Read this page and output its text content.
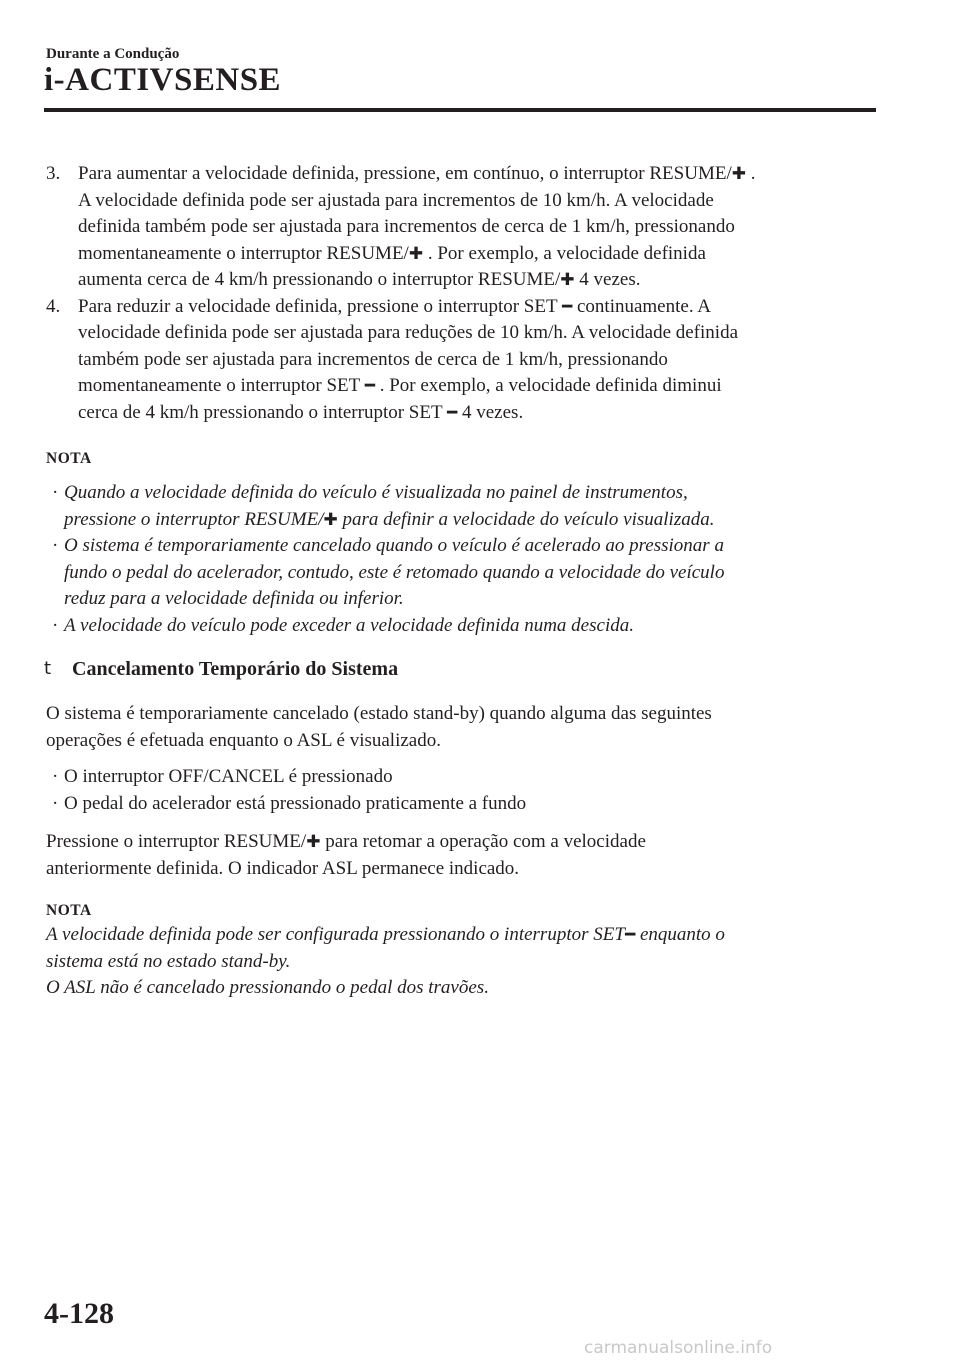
Durante a Condução
i-ACTIVSENSE
3. Para aumentar a velocidade definida, pressione, em contínuo, o interruptor RESUME/✚ .
A velocidade definida pode ser ajustada para incrementos de 10 km/h. A velocidade
definida também pode ser ajustada para incrementos de cerca de 1 km/h, pressionando
momentaneamente o interruptor RESUME/✚ . Por exemplo, a velocidade definida
aumenta cerca de 4 km/h pressionando o interruptor RESUME/✚ 4 vezes.
4. Para reduzir a velocidade definida, pressione o interruptor SET ━ continuamente. A
velocidade definida pode ser ajustada para reduções de 10 km/h. A velocidade definida
também pode ser ajustada para incrementos de cerca de 1 km/h, pressionando
momentaneamente o interruptor SET ━ . Por exemplo, a velocidade definida diminui
cerca de 4 km/h pressionando o interruptor SET ━ 4 vezes.
NOTA
· Quando a velocidade definida do veículo é visualizada no painel de instrumentos,
pressione o interruptor RESUME/✚ para definir a velocidade do veículo visualizada.
· O sistema é temporariamente cancelado quando o veículo é acelerado ao pressionar a
fundo o pedal do acelerador, contudo, este é retomado quando a velocidade do veículo
reduz para a velocidade definida ou inferior.
· A velocidade do veículo pode exceder a velocidade definida numa descida.
t Cancelamento Temporário do Sistema
O sistema é temporariamente cancelado (estado stand-by) quando alguma das seguintes
operações é efetuada enquanto o ASL é visualizado.
· O interruptor OFF/CANCEL é pressionado
· O pedal do acelerador está pressionado praticamente a fundo
Pressione o interruptor RESUME/✚ para retomar a operação com a velocidade
anteriormente definida. O indicador ASL permanece indicado.
NOTA
A velocidade definida pode ser configurada pressionando o interruptor SET━ enquanto o
sistema está no estado stand-by.
O ASL não é cancelado pressionando o pedal dos travões.
4-128
carmanualsonline.info
